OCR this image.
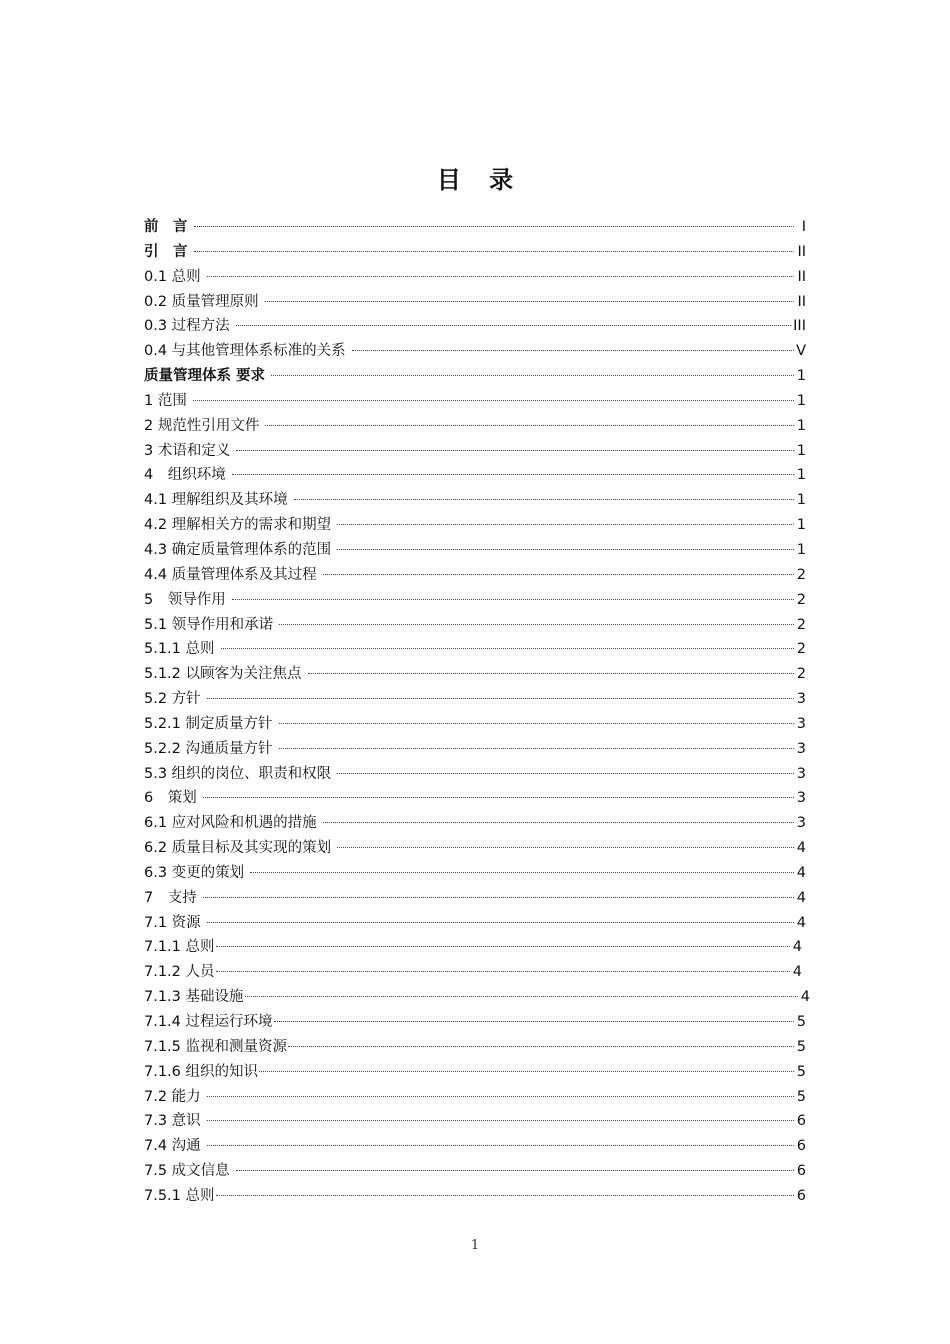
目 录
前　言	I
引　言	II
0.1 总则	II
0.2 质量管理原则	II
0.3 过程方法	III
0.4 与其他管理体系标准的关系	V
质量管理体系 要求	1
1 范围	1
2 规范性引用文件	1
3 术语和定义	1
4　组织环境	1
4.1 理解组织及其环境	1
4.2 理解相关方的需求和期望	1
4.3 确定质量管理体系的范围	1
4.4 质量管理体系及其过程	2
5　领导作用	2
5.1 领导作用和承诺	2
5.1.1 总则	2
5.1.2 以顾客为关注焦点	2
5.2 方针	3
5.2.1 制定质量方针	3
5.2.2 沟通质量方针	3
5.3 组织的岗位、职责和权限	3
6　策划	3
6.1 应对风险和机遇的措施	3
6.2 质量目标及其实现的策划	4
6.3 变更的策划	4
7　支持	4
7.1 资源	4
7.1.1 总则	4
7.1.2 人员	4
7.1.3 基础设施	4
7.1.4 过程运行环境	5
7.1.5 监视和测量资源	5
7.1.6 组织的知识	5
7.2 能力	5
7.3 意识	6
7.4 沟通	6
7.5 成文信息	6
7.5.1 总则	6
1
